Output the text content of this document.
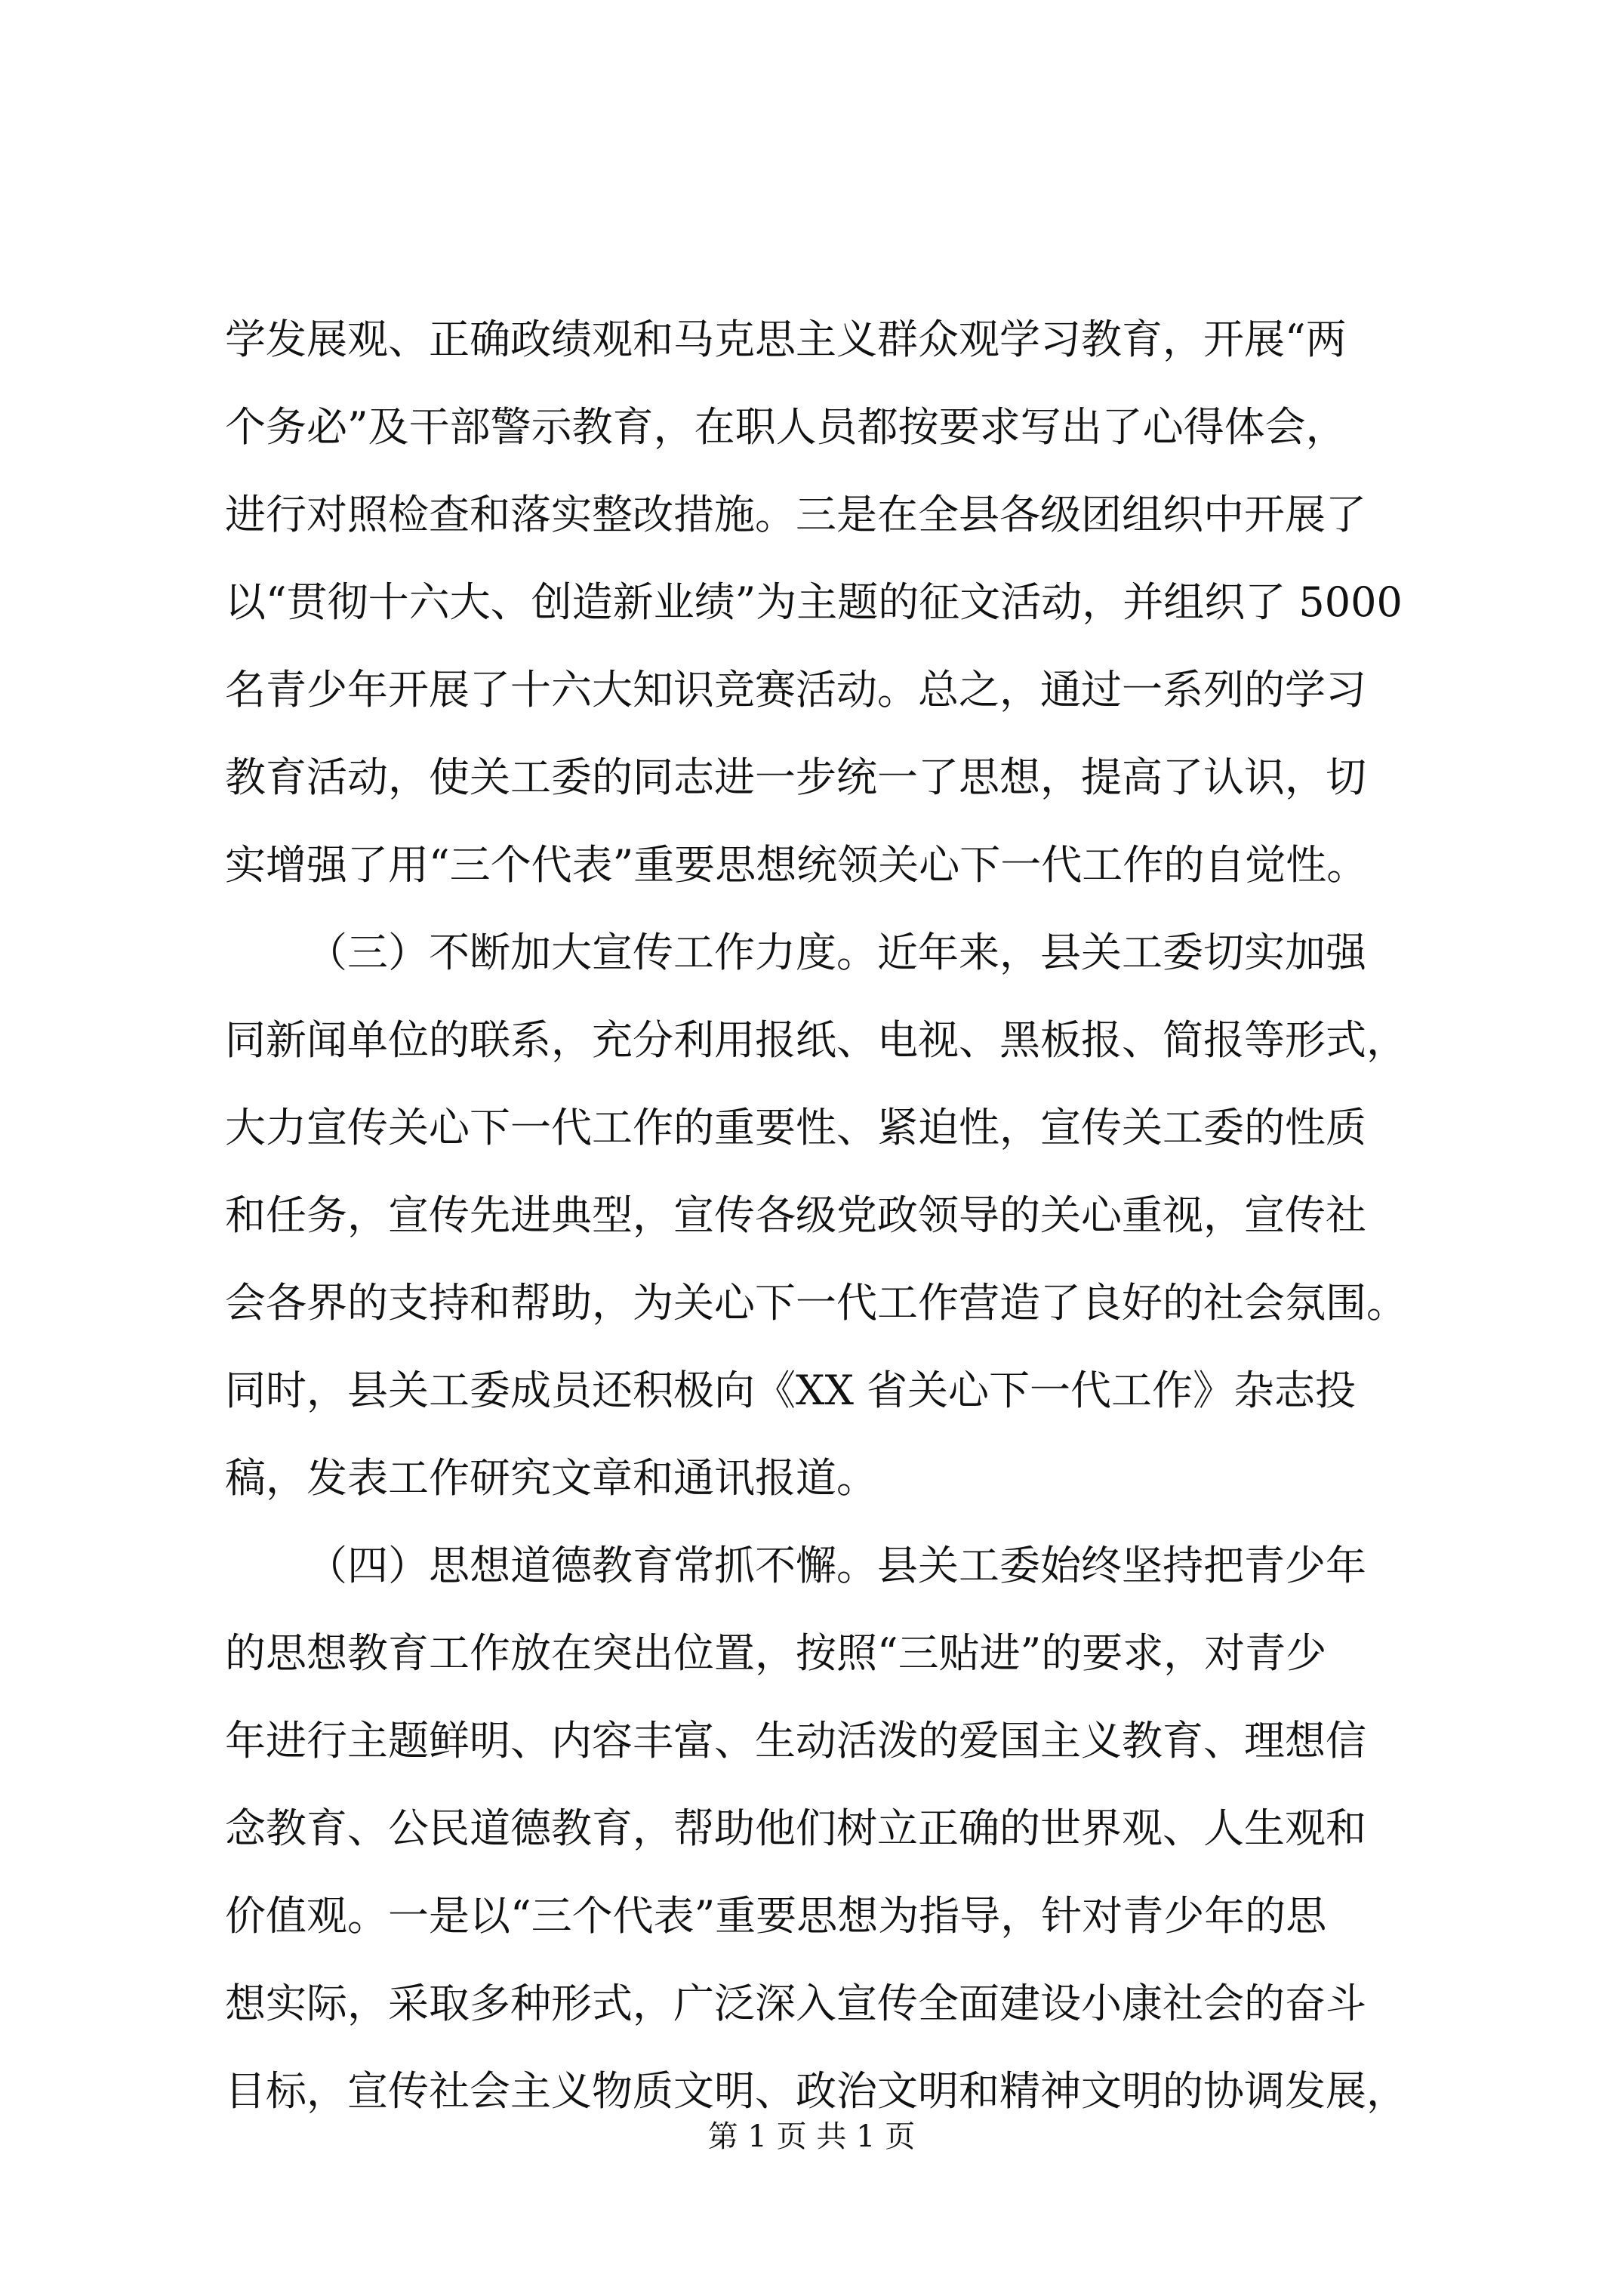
学发展观、正确政绩观和马克思主义群众观学习教育，开展“两
个务必”及干部警示教育，在职人员都按要求写出了心得体会，
进行对照检查和落实整改措施。三是在全县各级团组织中开展了
以“贯彻十六大、创造新业绩”为主题的征文活动，并组织了 5000
名青少年开展了十六大知识竞赛活动。总之，通过一系列的学习
教育活动，使关工委的同志进一步统一了思想，提高了认识，切
实增强了用“三个代表”重要思想统领关心下一代工作的自觉性。
（三）不断加大宣传工作力度。近年来，县关工委切实加强
同新闻单位的联系，充分利用报纸、电视、黑板报、简报等形式，
大力宣传关心下一代工作的重要性、紧迫性，宣传关工委的性质
和任务，宣传先进典型，宣传各级党政领导的关心重视，宣传社
会各界的支持和帮助，为关心下一代工作营造了良好的社会氛围。
同时，县关工委成员还积极向《XX 省关心下一代工作》杂志投
稿，发表工作研究文章和通讯报道。
（四）思想道德教育常抓不懈。县关工委始终坚持把青少年
的思想教育工作放在突出位置，按照“三贴进”的要求，对青少
年进行主题鲜明、内容丰富、生动活泼的爱国主义教育、理想信
念教育、公民道德教育，帮助他们树立正确的世界观、人生观和
价值观。一是以“三个代表”重要思想为指导，针对青少年的思
想实际，采取多种形式，广泛深入宣传全面建设小康社会的奋斗
目标，宣传社会主义物质文明、政治文明和精神文明的协调发展，
第 1 页 共 1 页
